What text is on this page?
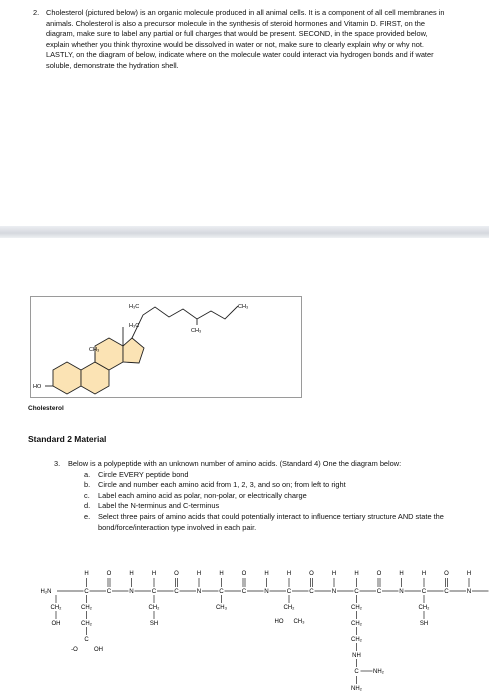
2. Cholesterol (pictured below) is an organic molecule produced in all animal cells. It is a component of all cell membranes in animals. Cholesterol is also a precursor molecule in the synthesis of steroid hormones and Vitamin D. FIRST, on the diagram, make sure to label any partial or full charges that would be present. SECOND, in the space provided below, explain whether you think thyroxine would be dissolved in water or not, make sure to clearly explain why or why not. LASTLY, on the diagram of below, indicate where on the molecule water could interact via hydrogen bonds and if water soluble, demonstrate the hydration shell.
H₃C
H₃C
CH₃
CH₃
CH₃
HO
Cholesterol
Standard 2 Material
3. Below is a polypeptide with an unknown number of amino acids. (Standard 4) One the diagram below:
a. Circle EVERY peptide bond
b. Circle and number each amino acid from 1, 2, 3, and so on; from left to right
c. Label each amino acid as polar, non-polar, or electrically charge
d. Label the N-terminus and C-terminus
e. Select three pairs of amino acids that could potentially interact to influence tertiary structure AND state the bond/force/interaction type involved in each pair.
H₂N	C
H
C
O
N
H
C
H
C
O
N
H
C
H
C
O
N
H
C
H
C
O
N
H
C
H
C
O
N
H
C
H
C
O
N
H
CH₂
OH
CH₂
CH₂
C
-O	OH
CH₂
SH
CH₃	CH₂
HO CH₃
CH₂
CH₂
CH₂
NH
C NH₂
NH₂
CH₂
SH
